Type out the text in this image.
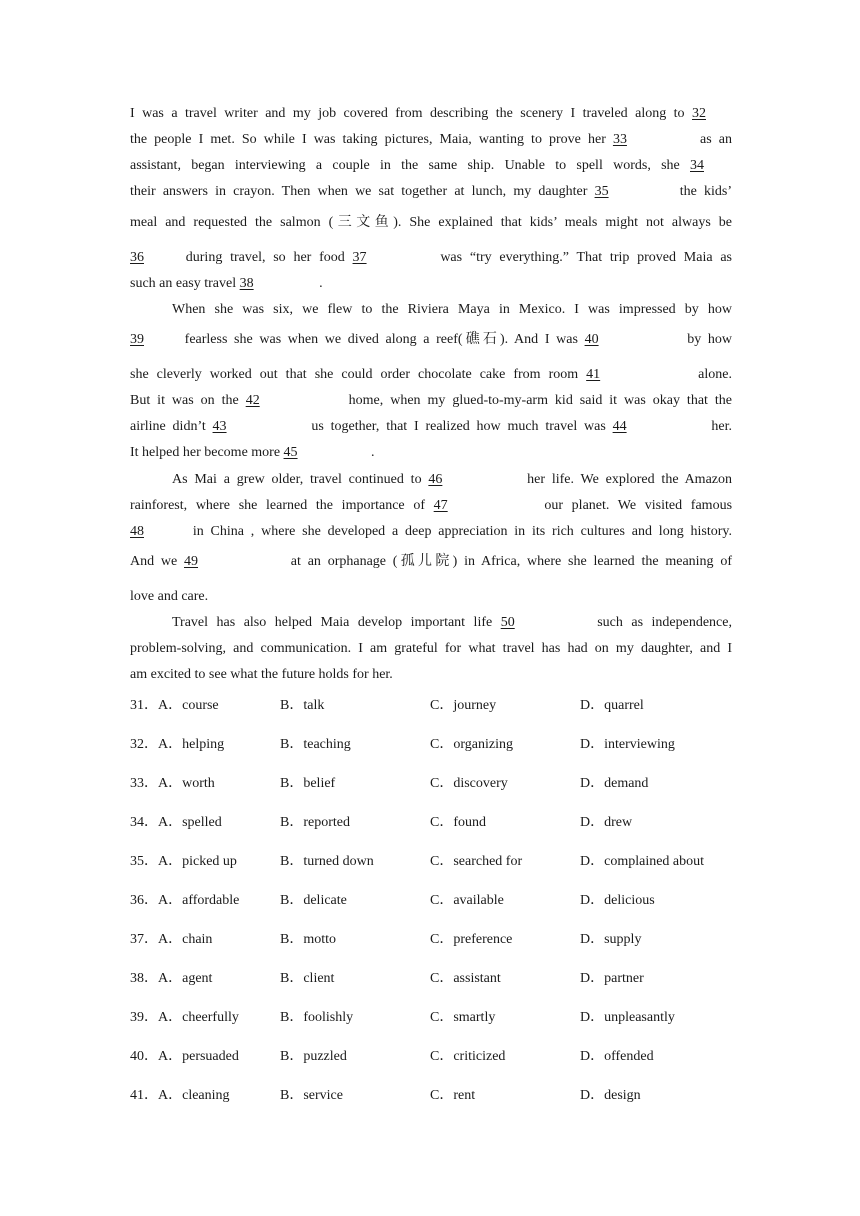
I was a travel writer and my job covered from describing the scenery I traveled along to 32
the people I met. So while I was taking pictures, Maia, wanting to prove her 33	as an
assistant, began interviewing a couple in the same ship. Unable to spell words, she 34
their answers in crayon. Then when we sat together at lunch, my daughter 35	the kids’
meal and requested the salmon (三文鱼). She explained that kids’ meals might not always be
36 during travel, so her food 37	was “try everything.” That trip proved Maia as
such an easy travel 38	.
When she was six, we flew to the Riviera Maya in Mexico. I was impressed by how
39 fearless she was when we dived along a reef(礁石). And I was 40	by how
she cleverly worked out that she could order chocolate cake from room 41	alone.
But it was on the 42	home, when my glued-to-my-arm kid said it was okay that the
airline didn’t 43	us together, that I realized how much travel was 44	her.
It helped her become more 45	.
As Mai a grew older, travel continued to 46	her life. We explored the Amazon
rainforest, where she learned the importance of 47	our planet. We visited famous
48	in China , where she developed a deep appreciation in its rich cultures and long history.
And we 49	at an orphanage (孤儿院) in Africa, where she learned the meaning of
love and care.
Travel has also helped Maia develop important life 50	such as independence,
problem-solving, and communication. I am grateful for what travel has had on my daughter, and I
am excited to see what the future holds for her.
31．A．course	B．talk	C．journey	D．quarrel
32．A．helping	B．teaching	C．organizing	D．interviewing
33．A．worth	B．belief	C．discovery	D．demand
34．A．spelled	B．reported	C．found	D．drew
35．A．picked up	B．turned down	C．searched for	D．complained about
36．A．affordable	B．delicate	C．available	D．delicious
37．A．chain	B．motto	C．preference	D．supply
38．A．agent	B．client	C．assistant	D．partner
39．A．cheerfully	B．foolishly	C．smartly	D．unpleasantly
40．A．persuaded	B．puzzled	C．criticized	D．offended
41．A．cleaning	B．service	C．rent	D．design
